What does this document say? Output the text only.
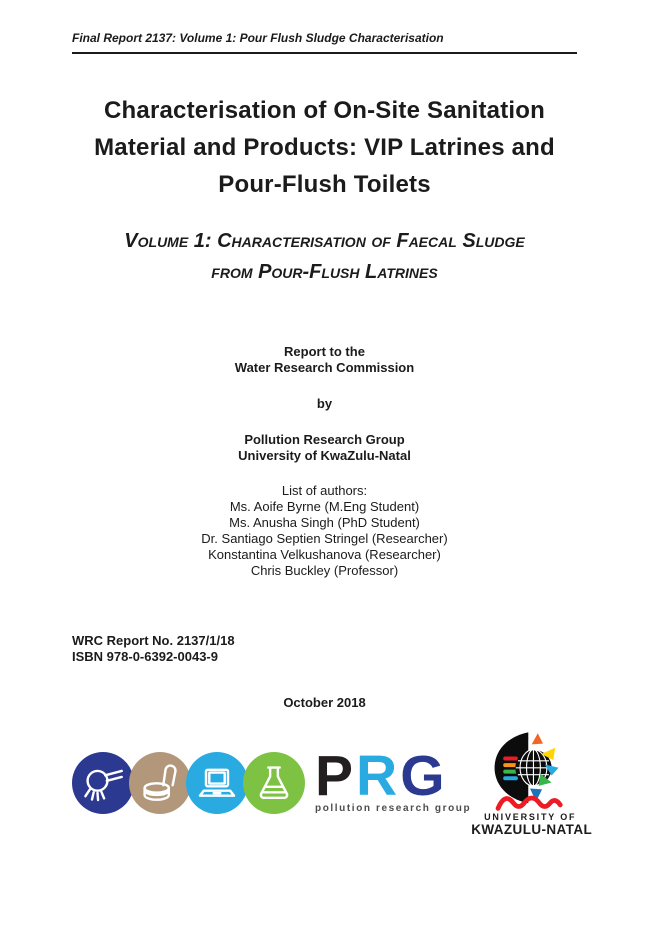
Final Report 2137: Volume 1: Pour Flush Sludge Characterisation
Characterisation of On-Site Sanitation
Material and Products: VIP Latrines and
Pour-Flush Toilets
Volume 1: Characterisation of Faecal Sludge
from Pour-Flush Latrines
Report to the
Water Research Commission
by
Pollution Research Group
University of KwaZulu-Natal
List of authors:
Ms. Aoife Byrne (M.Eng Student)
Ms. Anusha Singh (PhD Student)
Dr. Santiago Septien Stringel (Researcher)
Konstantina Velkushanova (Researcher)
Chris Buckley (Professor)
WRC Report No. 2137/1/18
ISBN 978-0-6392-0043-9
October 2018
PRG
pollution research group
UNIVERSITY OF
KWAZULU-NATAL
